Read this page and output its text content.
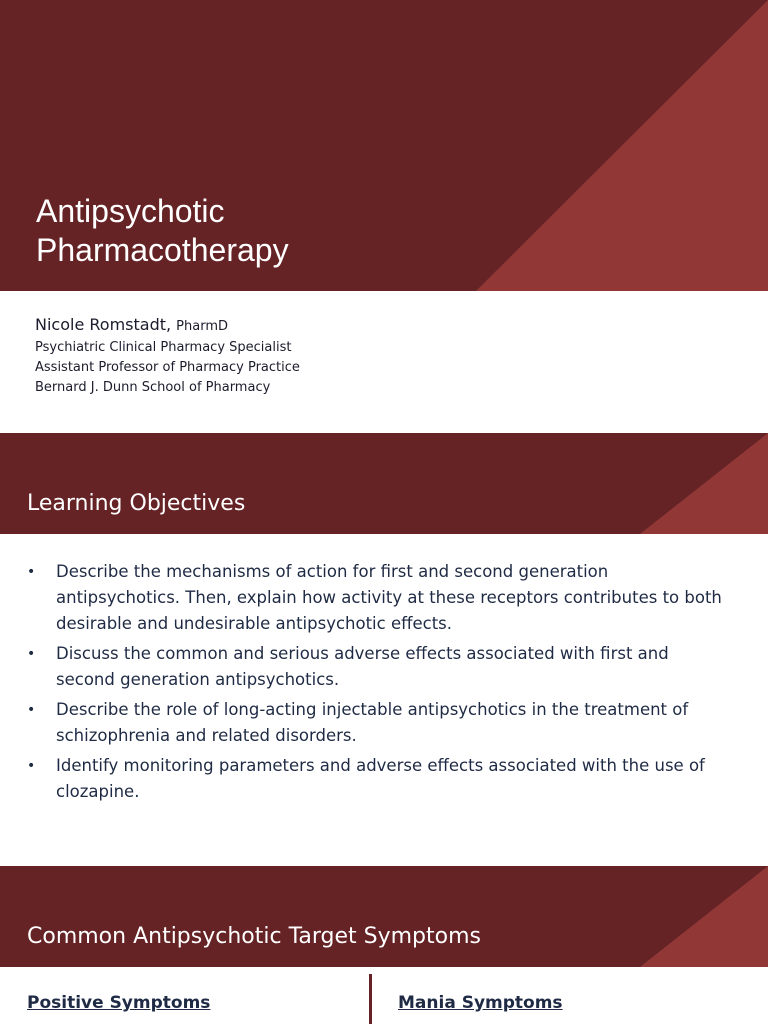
Antipsychotic
Pharmacotherapy
Nicole Romstadt, PharmD
Psychiatric Clinical Pharmacy Specialist
Assistant Professor of Pharmacy Practice
Bernard J. Dunn School of Pharmacy
Learning Objectives
• Describe the mechanisms of action for first and second generation antipsychotics. Then, explain how activity at these receptors contributes to both desirable and undesirable antipsychotic effects.
• Discuss the common and serious adverse effects associated with first and second generation antipsychotics.
• Describe the role of long-acting injectable antipsychotics in the treatment of schizophrenia and related disorders.
• Identify monitoring parameters and adverse effects associated with the use of clozapine.
Common Antipsychotic Target Symptoms
Positive Symptoms	Mania Symptoms
